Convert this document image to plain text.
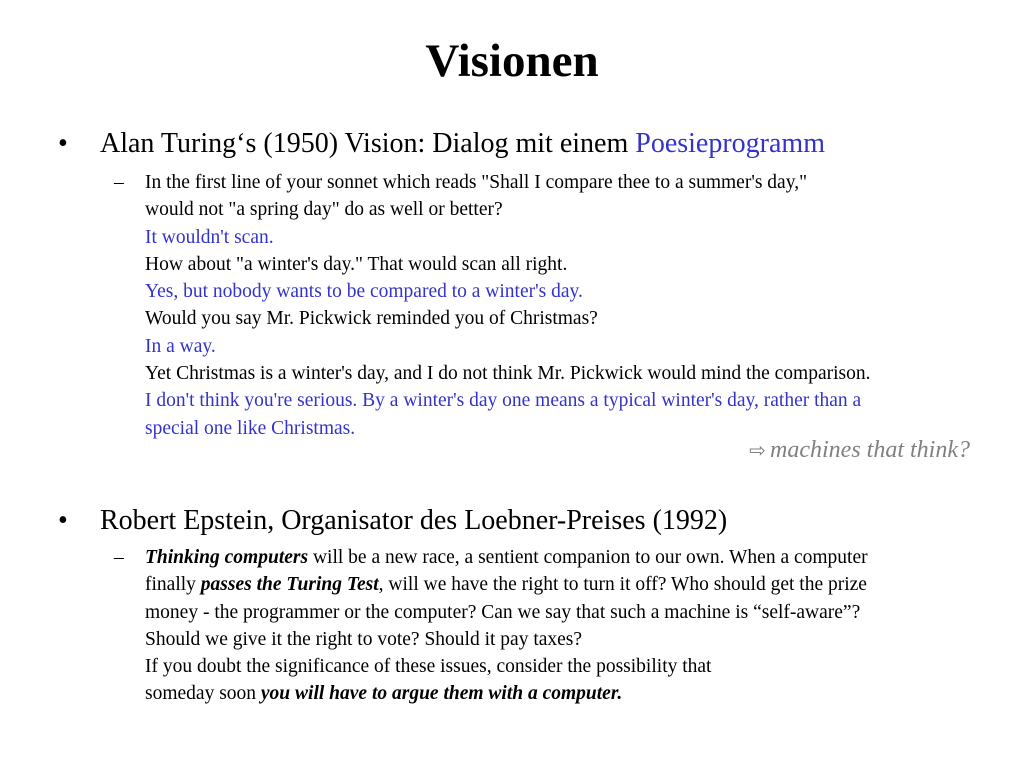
Visionen
• Alan Turing‘s (1950) Vision: Dialog mit einem Poesieprogramm
– In the first line of your sonnet which reads "Shall I compare thee to a summer's day,"
would not "a spring day" do as well or better?
It wouldn't scan.
How about "a winter's day." That would scan all right.
Yes, but nobody wants to be compared to a winter's day.
Would you say Mr. Pickwick reminded you of Christmas?
In a way.
Yet Christmas is a winter's day, and I do not think Mr. Pickwick would mind the comparison.
I don't think you're serious. By a winter's day one means a typical winter's day, rather than a
special one like Christmas.
⇨ machines that think?
• Robert Epstein, Organisator des Loebner-Preises (1992)
– Thinking computers will be a new race, a sentient companion to our own. When a computer
finally passes the Turing Test, will we have the right to turn it off? Who should get the prize
money - the programmer or the computer? Can we say that such a machine is “self-aware”?
Should we give it the right to vote? Should it pay taxes?
If you doubt the significance of these issues, consider the possibility that
someday soon you will have to argue them with a computer.
